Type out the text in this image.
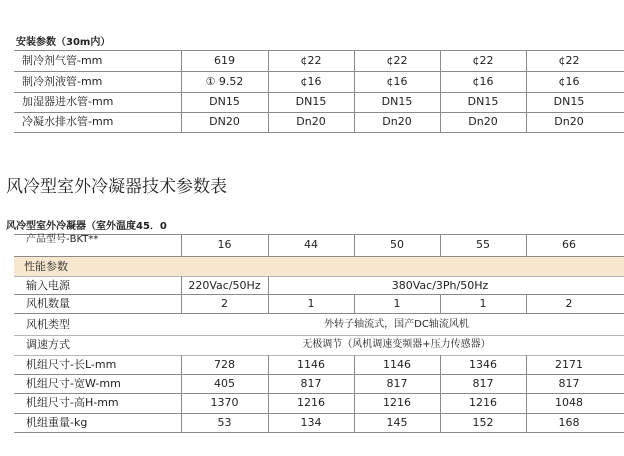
安装参数（30m内）
制冷剂气管-mm	619	¢22	¢22	¢22	¢22
制冷剂液管-mm	① 9.52	¢16	¢16	¢16	¢16
加湿器进水管-mm	DN15	DN15	DN15	DN15	DN15
冷凝水排水管-mm	DN20	Dn20	Dn20	Dn20	Dn20
风冷型室外冷凝器技术参数表
风冷型室外冷凝器（室外温度45．0
产品型号-BKT**	16	44	50	55	66
性能参数
输入电源	220Vac/50Hz	380Vac/3Ph/50Hz
风机数量	2	1	1	1	2
风机类型	外转子轴流式，国产DC轴流风机
调速方式	无极调节（风机调速变频器+压力传感器）
机组尺寸-长L-mm	728	1146	1146	1346	2171
机组尺寸-宽W-mm	405	817	817	817	817
机组尺寸-高H-mm	1370	1216	1216	1216	1048
机组重量-kg	53	134	145	152	168
